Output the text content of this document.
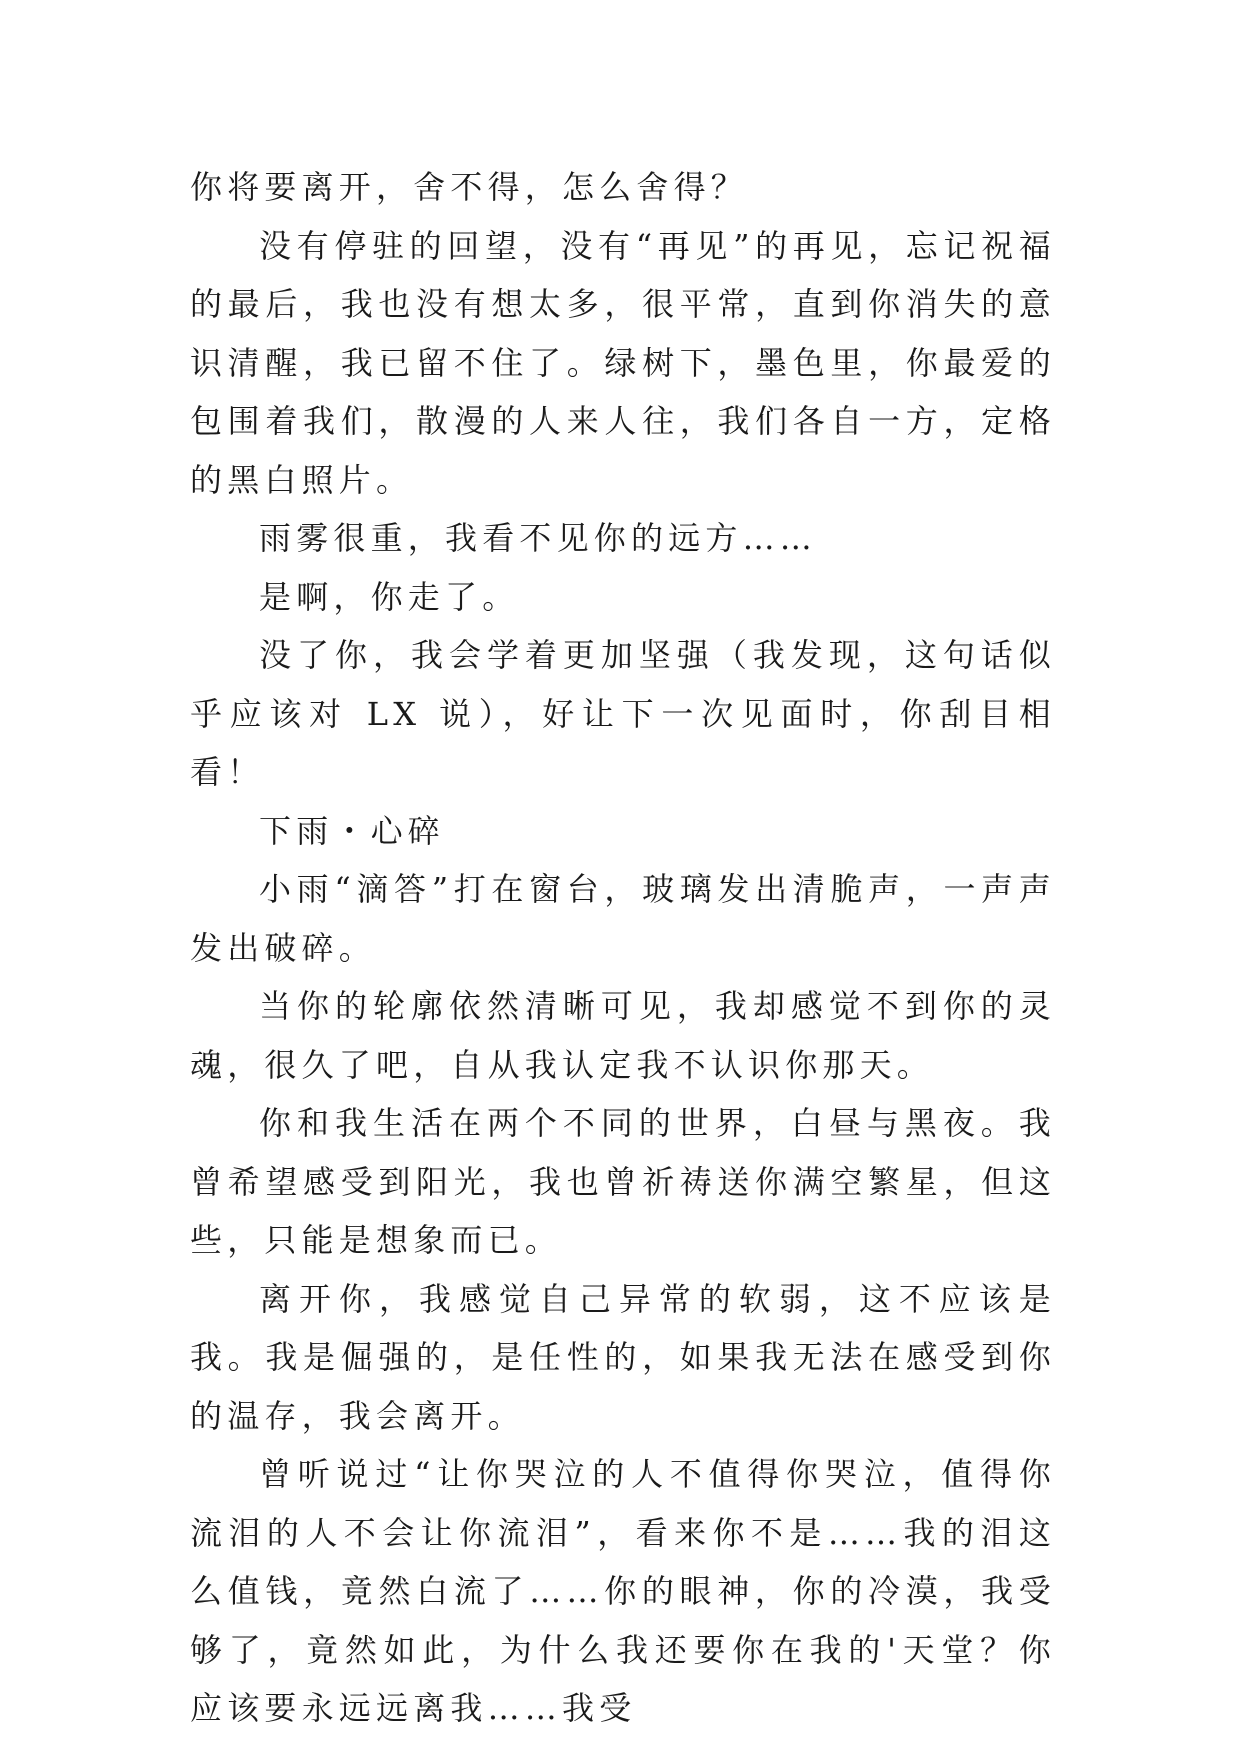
你将要离开，舍不得，怎么舍得？

没有停驻的回望，没有“再见”的再见，忘记祝福的最后，我也没有想太多，很平常，直到你消失的意识清醒，我已留不住了。绿树下，墨色里，你最爱的包围着我们，散漫的人来人往，我们各自一方，定格的黑白照片。

雨雾很重，我看不见你的远方……

是啊，你走了。

没了你，我会学着更加坚强（我发现，这句话似乎应该对 LX 说），好让下一次见面时，你刮目相看！

下雨・心碎

小雨“滴答”打在窗台，玻璃发出清脆声，一声声发出破碎。

当你的轮廓依然清晰可见，我却感觉不到你的灵魂，很久了吧，自从我认定我不认识你那天。

你和我生活在两个不同的世界，白昼与黑夜。我曾希望感受到阳光，我也曾祈祷送你满空繁星，但这些，只能是想象而已。

离开你，我感觉自己异常的软弱，这不应该是我。我是倔强的，是任性的，如果我无法在感受到你的温存，我会离开。

曾听说过“让你哭泣的人不值得你哭泣，值得你流泪的人不会让你流泪”，看来你不是……我的泪这么值钱，竟然白流了……你的眼神，你的冷漠，我受够了，竟然如此，为什么我还要你在我的'天堂？你应该要永远远离我……我受
